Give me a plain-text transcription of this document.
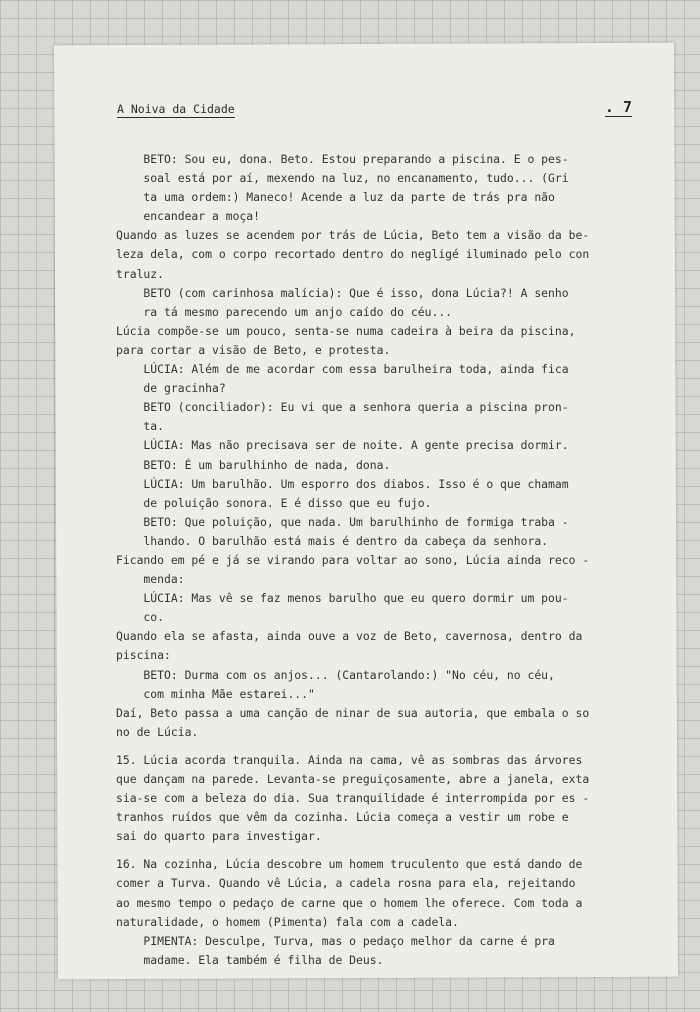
A Noiva da Cidade	. 7
BETO: Sou eu, dona. Beto. Estou preparando a piscina. E o pes-
soal está por aí, mexendo na luz, no encanamento, tudo... (Gri
ta uma ordem:) Maneco! Acende a luz da parte de trás pra não
encandear a moça!
Quando as luzes se acendem por trás de Lúcia, Beto tem a visão da be-
leza dela, com o corpo recortado dentro do negligé iluminado pelo con
traluz.
BETO (com carinhosa malícia): Que é isso, dona Lúcia?! A senho
ra tá mesmo parecendo um anjo caído do céu...
Lúcia compõe-se um pouco, senta-se numa cadeira à beira da piscina,
para cortar a visão de Beto, e protesta.
LÚCIA: Além de me acordar com essa barulheira toda, ainda fica
de gracinha?
BETO (conciliador): Eu vi que a senhora queria a piscina pron-
ta.
LÚCIA: Mas não precisava ser de noite. A gente precisa dormir.
BETO: É um barulhinho de nada, dona.
LÚCIA: Um barulhão. Um esporro dos diabos. Isso é o que chamam
de poluição sonora. E é disso que eu fujo.
BETO: Que poluição, que nada. Um barulhinho de formiga traba -
lhando. O barulhão está mais é dentro da cabeça da senhora.
Ficando em pé e já se virando para voltar ao sono, Lúcia ainda reco -
menda:
LÚCIA: Mas vê se faz menos barulho que eu quero dormir um pou-
co.
Quando ela se afasta, ainda ouve a voz de Beto, cavernosa, dentro da
piscina:
BETO: Durma com os anjos... (Cantarolando:) "No céu, no céu,
com minha Mãe estarei..."
Daí, Beto passa a uma canção de ninar de sua autoria, que embala o so
no de Lúcia.
15. Lúcia acorda tranquila. Ainda na cama, vê as sombras das árvores
que dançam na parede. Levanta-se preguiçosamente, abre a janela, exta
sia-se com a beleza do dia. Sua tranquilidade é interrompida por es -
tranhos ruídos que vêm da cozinha. Lúcia começa a vestir um robe e
sai do quarto para investigar.
16. Na cozinha, Lúcia descobre um homem truculento que está dando de
comer a Turva. Quando vê Lúcia, a cadela rosna para ela, rejeitando
ao mesmo tempo o pedaço de carne que o homem lhe oferece. Com toda a
naturalidade, o homem (Pimenta) fala com a cadela.
PIMENTA: Desculpe, Turva, mas o pedaço melhor da carne é pra
madame. Ela também é filha de Deus.
